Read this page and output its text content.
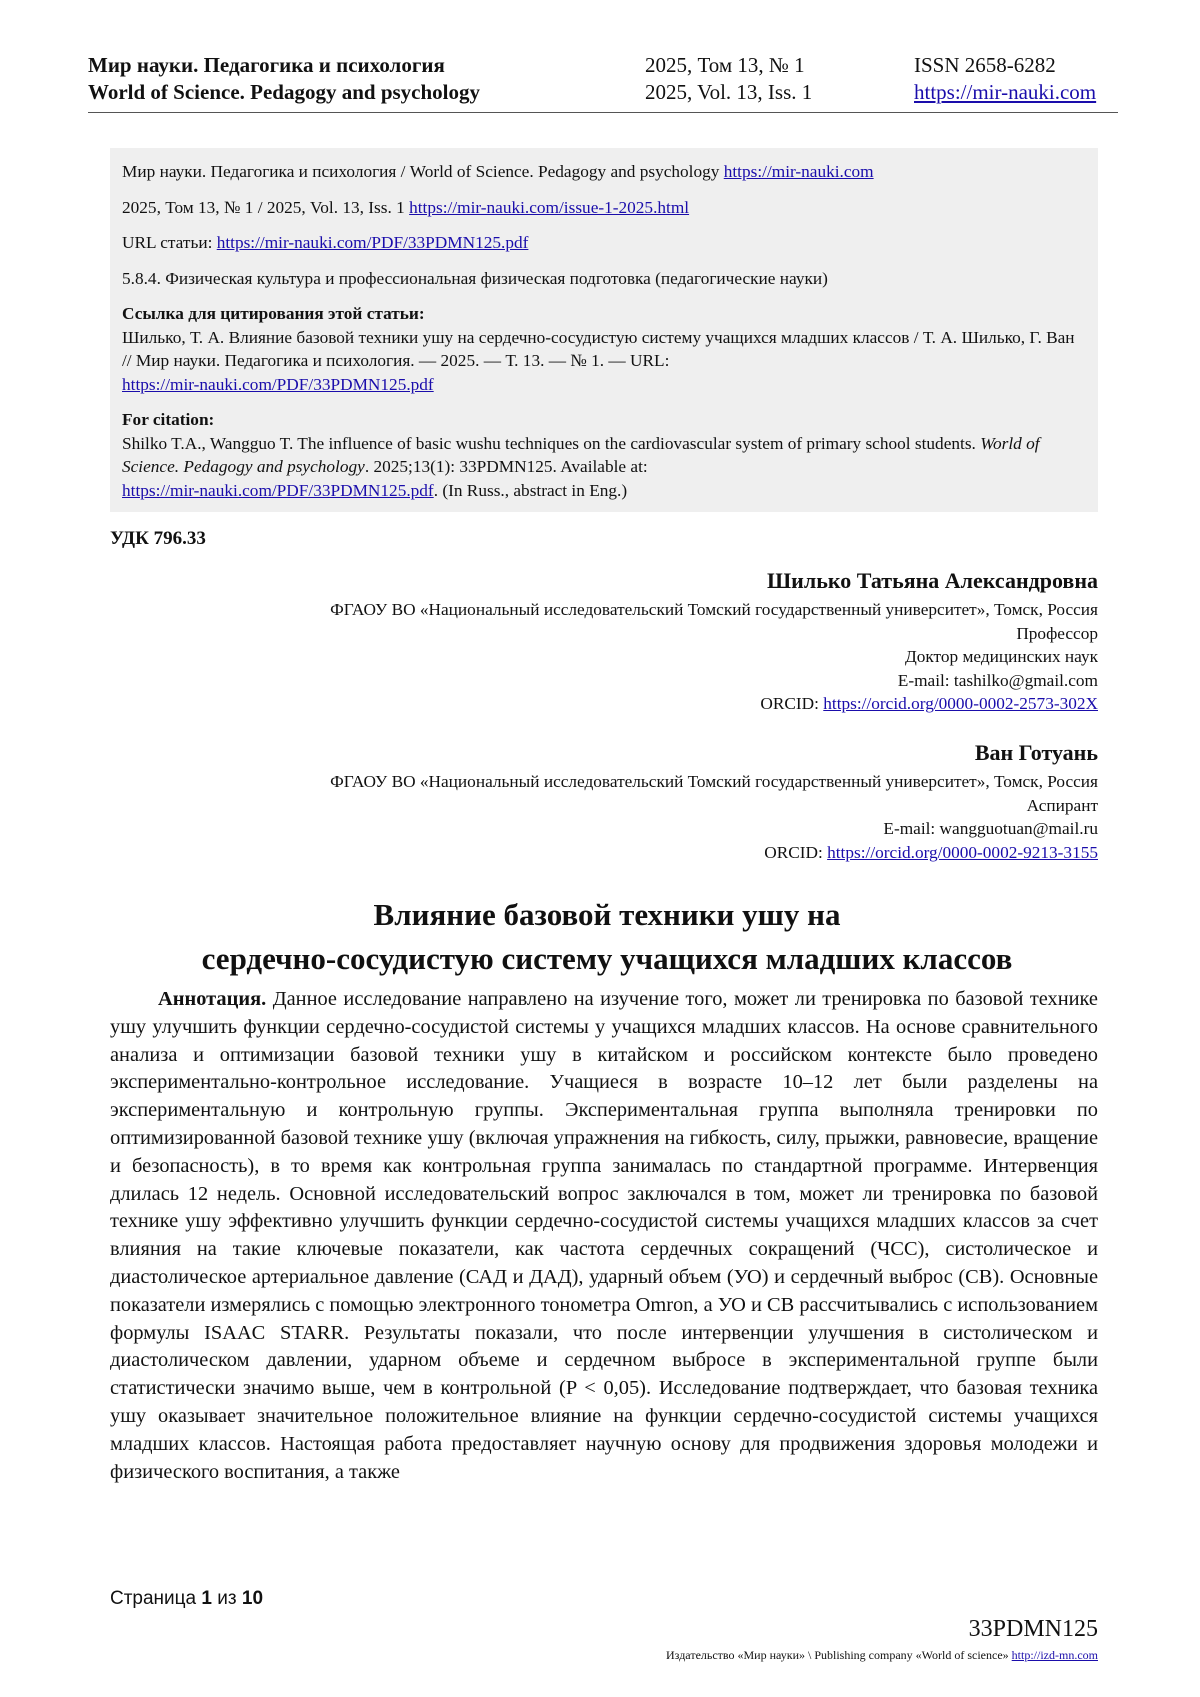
Мир науки. Педагогика и психология	2025, Том 13, № 1	ISSN 2658-6282
World of Science. Pedagogy and psychology	2025, Vol. 13, Iss. 1	https://mir-nauki.com

Мир науки. Педагогика и психология / World of Science. Pedagogy and psychology https://mir-nauki.com

2025, Том 13, № 1 / 2025, Vol. 13, Iss. 1 https://mir-nauki.com/issue-1-2025.html

URL статьи: https://mir-nauki.com/PDF/33PDMN125.pdf

5.8.4. Физическая культура и профессиональная физическая подготовка (педагогические науки)

Ссылка для цитирования этой статьи:

Шилько, Т. А. Влияние базовой техники ушу на сердечно-сосудистую систему учащихся младших классов / Т. А. Шилько, Г. Ван // Мир науки. Педагогика и психология. — 2025. — Т. 13. — № 1. — URL:
https://mir-nauki.com/PDF/33PDMN125.pdf

For citation:

Shilko T.A., Wangguo T. The influence of basic wushu techniques on the cardiovascular system of primary school students. World of Science. Pedagogy and psychology. 2025;13(1): 33PDMN125. Available at:
https://mir-nauki.com/PDF/33PDMN125.pdf. (In Russ., abstract in Eng.)

УДК 796.33
Шилько Татьяна Александровна
ФГАОУ ВО «Национальный исследовательский Томский государственный университет», Томск, Россия
Профессор
Доктор медицинских наук
E-mail: tashilko@gmail.com
ORCID: https://orcid.org/0000-0002-2573-302X
Ван Готуань
ФГАОУ ВО «Национальный исследовательский Томский государственный университет», Томск, Россия
Аспирант
E-mail: wangguotuan@mail.ru
ORCID: https://orcid.org/0000-0002-9213-3155
Влияние базовой техники ушу на
сердечно-сосудистую систему учащихся младших классов

Аннотация. Данное исследование направлено на изучение того, может ли тренировка по базовой технике ушу улучшить функции сердечно-сосудистой системы у учащихся младших классов. На основе сравнительного анализа и оптимизации базовой техники ушу в китайском и российском контексте было проведено экспериментально-контрольное исследование. Учащиеся в возрасте 10–12 лет были разделены на экспериментальную и контрольную группы. Экспериментальная группа выполняла тренировки по оптимизированной базовой технике ушу (включая упражнения на гибкость, силу, прыжки, равновесие, вращение и безопасность), в то время как контрольная группа занималась по стандартной программе. Интервенция длилась 12 недель. Основной исследовательский вопрос заключался в том, может ли тренировка по базовой технике ушу эффективно улучшить функции сердечно-сосудистой системы учащихся младших классов за счет влияния на такие ключевые показатели, как частота сердечных сокращений (ЧСС), систолическое и диастолическое артериальное давление (САД и ДАД), ударный объем (УО) и сердечный выброс (СВ). Основные показатели измерялись с помощью электронного тонометра Omron, а УО и СВ рассчитывались с использованием формулы ISAAC STARR. Результаты показали, что после интервенции улучшения в систолическом и диастолическом давлении, ударном объеме и сердечном выбросе в экспериментальной группе были статистически значимо выше, чем в контрольной (P < 0,05). Исследование подтверждает, что базовая техника ушу оказывает значительное положительное влияние на функции сердечно-сосудистой системы учащихся младших классов. Настоящая работа предоставляет научную основу для продвижения здоровья молодежи и физического воспитания, а также

Страница 1 из 10
33PDMN125
Издательство «Мир науки» \ Publishing company «World of science» http://izd-mn.com
